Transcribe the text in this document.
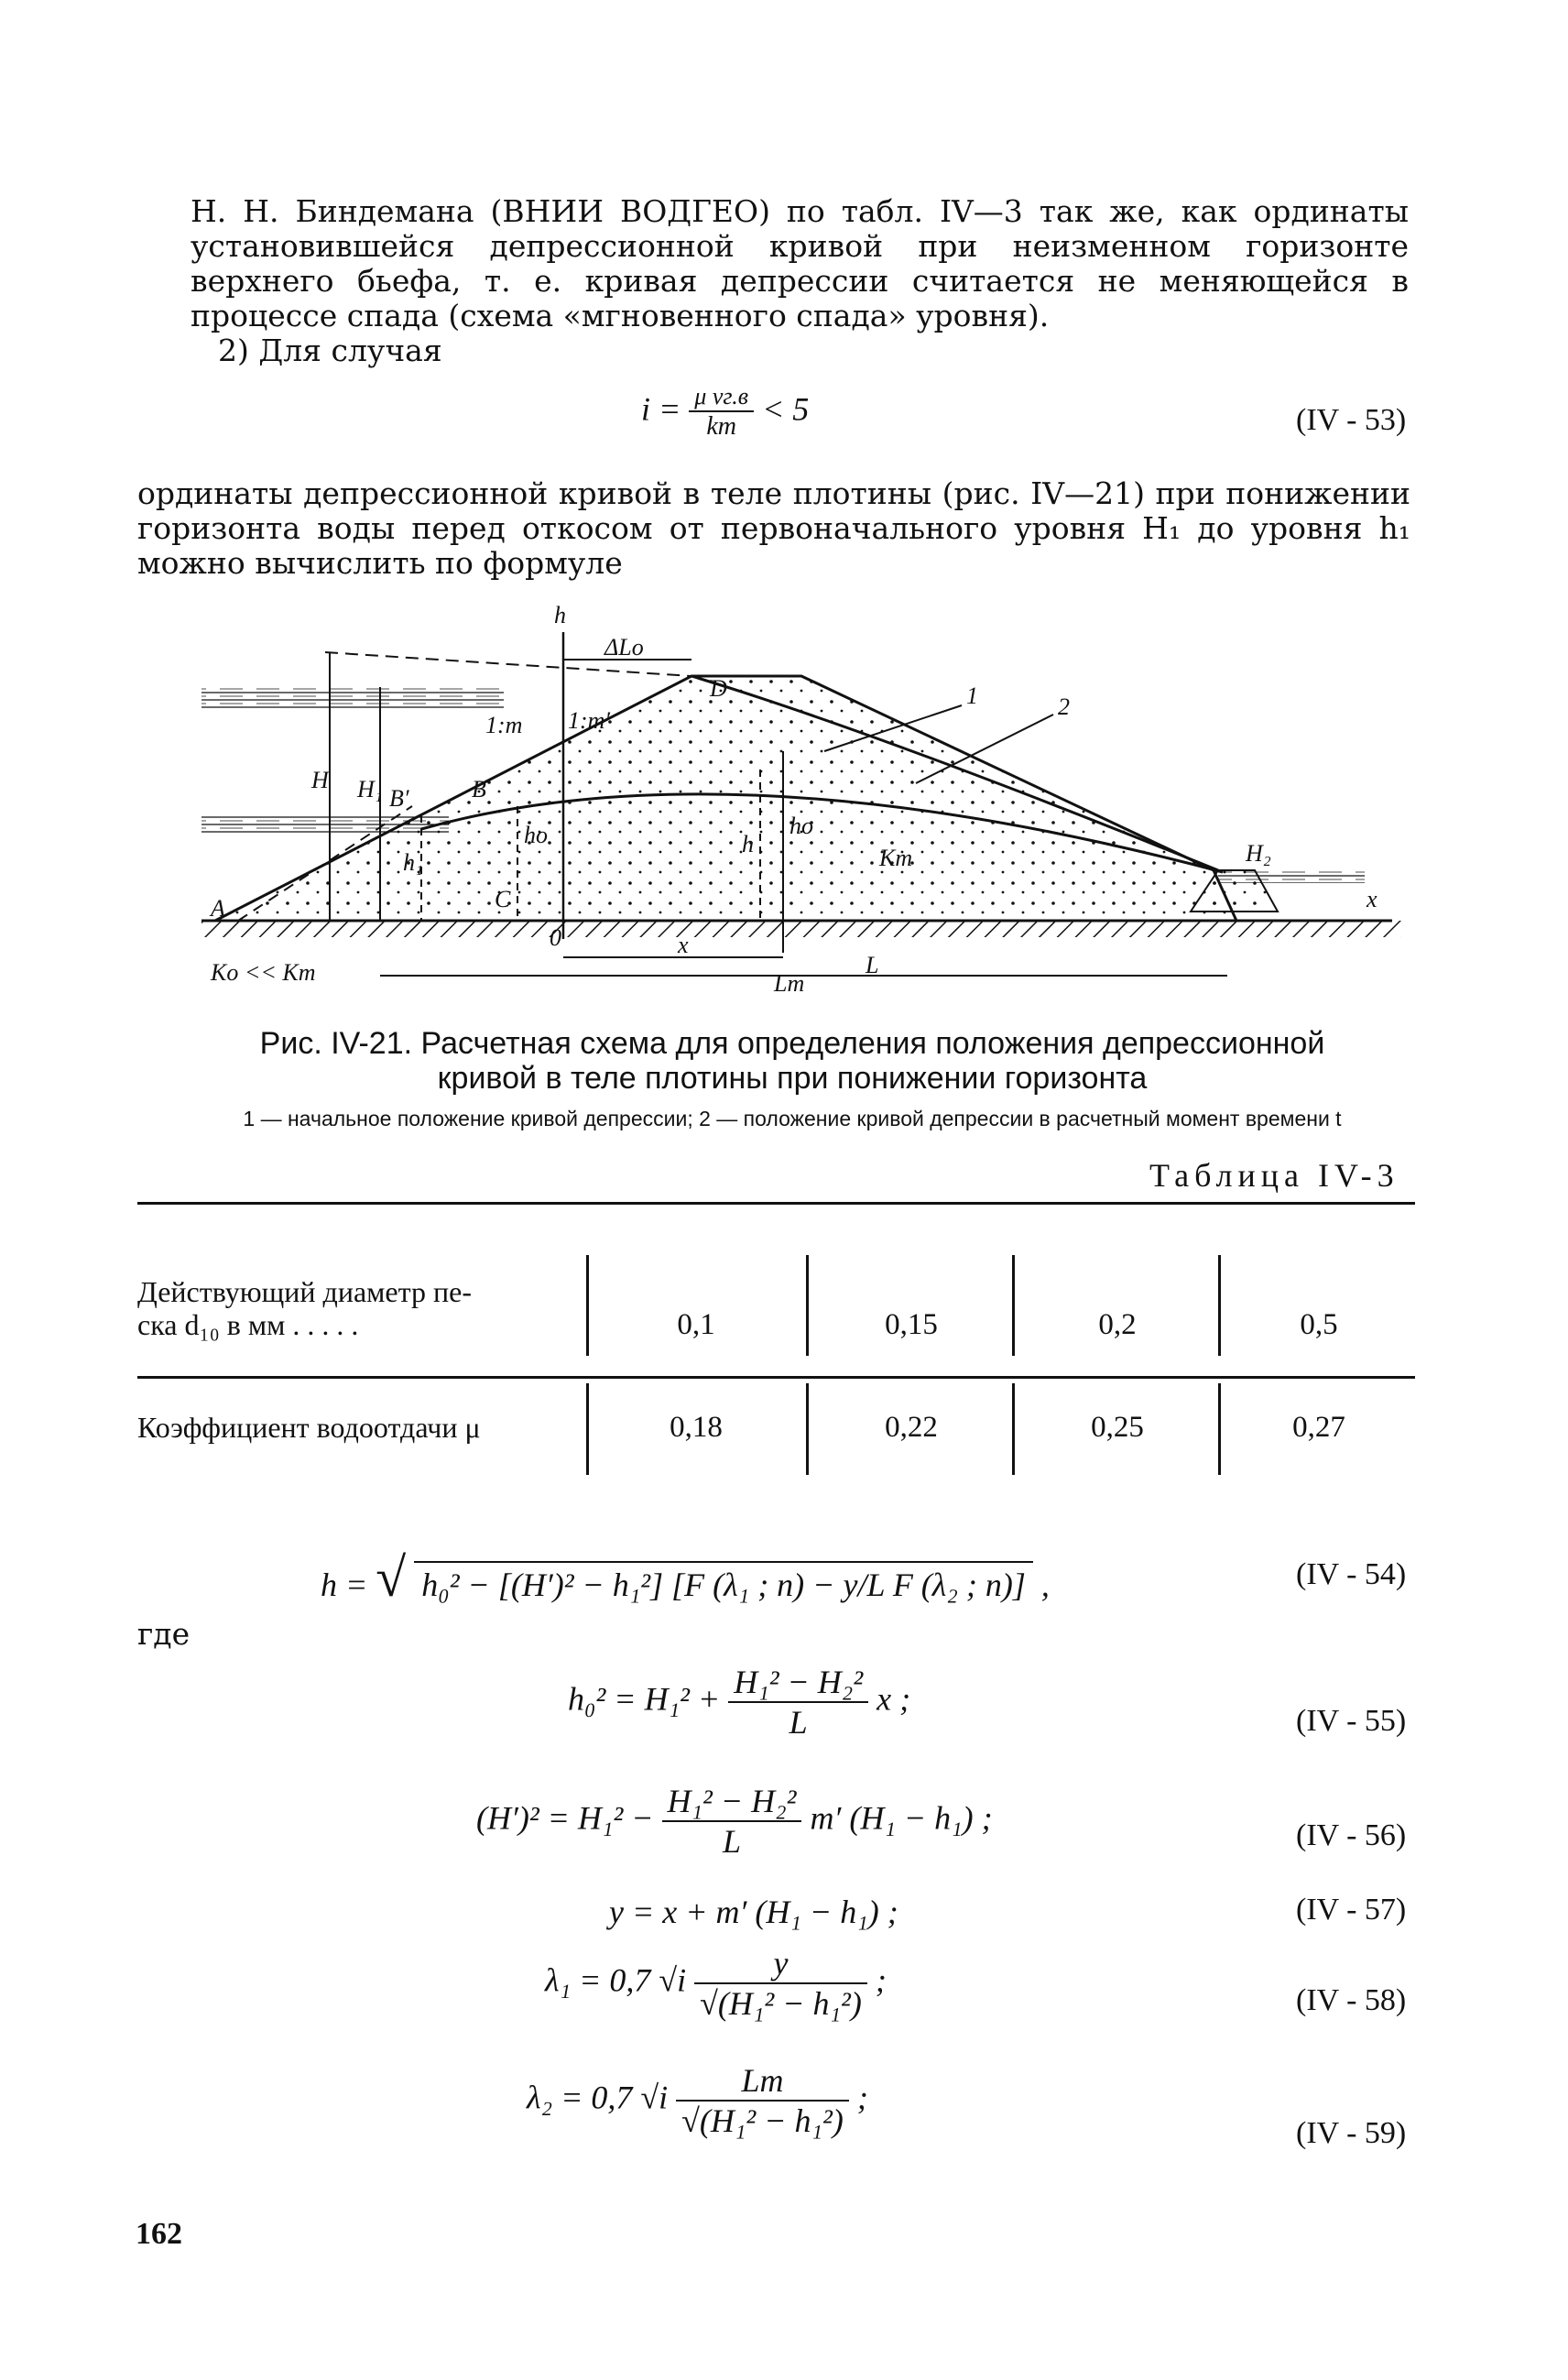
Н. Н. Биндемана (ВНИИ ВОДГЕО) по табл. IV—3 так же, как ординаты установившейся депрессионной кривой при неизменном горизонте верхнего бьефа, т. е. кривая депрессии считается не меняющейся в процессе спада (схема «мгновенного спада» уровня).
2) Для случая
$i = \frac{\text{μ vг.в}}{kт} < 5$	(IV - 53)
ординаты депрессионной кривой в теле плотины (рис. IV—21) при понижении горизонта воды перед откосом от первоначального уровня H₁ до уровня h₁ можно вычислить по формуле
h
ΔLo
D
1:m 1:m′
B′	B
A	C
0
H H₁
h₁
ho	ho
h
Kт
1	2
H₂
x
Ko << Kт
x
L
Lт
Рис. IV-21. Расчетная схема для определения положения депрессионной кривой в теле плотины при понижении горизонта
1 — начальное положение кривой депрессии; 2 — положение кривой депрессии в расчетный момент времени t
Таблица IV-3
Действующий диаметр пе-
ска d₁₀ в мм . . . . .	0,1	0,15	0,2	0,5
Коэффициент водоотдачи μ	0,18	0,22	0,25	0,27
h = √ h₀² − [(H′)² − h₁²] [F (λ₁ ; n) − y/L F (λ₂ ; n)] ,	(IV - 54)
где
$h_0^2 = H_1^2 + \frac{\text{H₁² − H₂²}}{L}$ x ;
(IV - 55)
$(H')^2 = H_1^2 - \frac{\text{H₁² − H₂²}}{L} m'$ (H₁ − h₁) ;	(IV - 56)
y = x + m′ (H₁ − h₁) ;	(IV - 57)
λ₁ = 0,7 $√i \frac{y}{\text{√(H₁² − h₁²)}}$ ;
(IV - 58)
λ₂ = 0,7 $√i \frac{Lт}{\text{√(H₁² − h₁²)}}$ ;
(IV - 59)
162
